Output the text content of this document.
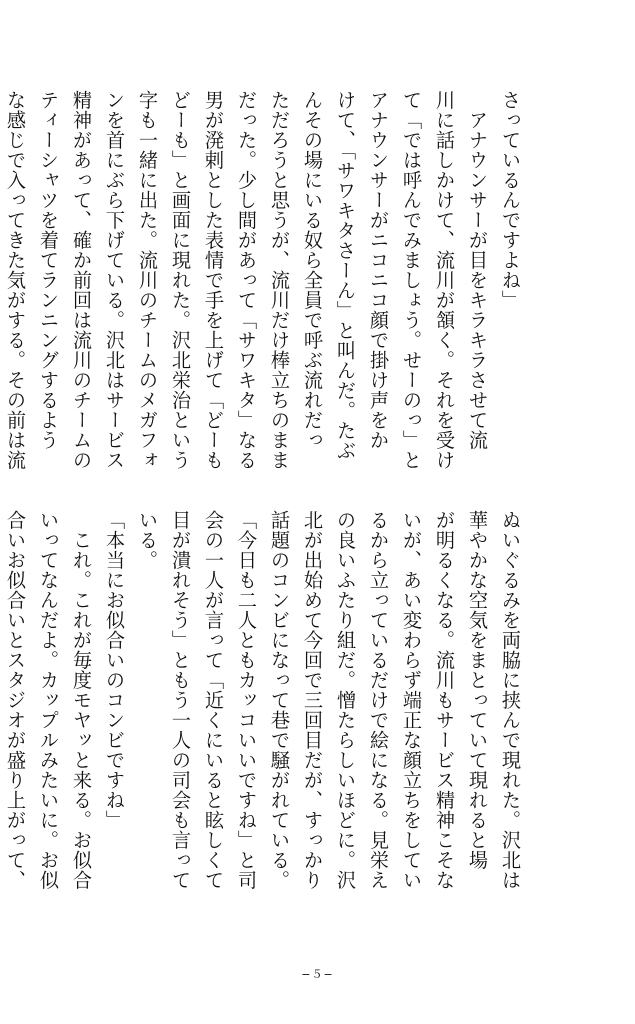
さっているんですよね」
　アナウンサーが目をキラキラさせて流
川に話しかけて、流川が頷く。それを受け
て「では呼んでみましょう。せーのっ」と
アナウンサーがニコニコ顔で掛け声をか
けて、「サワキタさーん」と叫んだ。たぶ
んその場にいる奴ら全員で呼ぶ流れだっ
ただろうと思うが、流川だけ棒立ちのまま
だった。少し間があって「サワキタ」なる
男が溌剌とした表情で手を上げて「どーも
どーも」と画面に現れた。沢北栄治という
字も一緒に出た。流川のチームのメガフォ
ンを首にぶら下げている。沢北はサービス
精神があって、確か前回は流川のチームの
ティーシャツを着てランニングするよう
な感じで入ってきた気がする。その前は流
ぬいぐるみを両脇に挟んで現れた。沢北は
華やかな空気をまとっていて現れると場
が明るくなる。流川もサービス精神こそな
いが、あい変わらず端正な顔立ちをしてい
るから立っているだけで絵になる。見栄え
の良いふたり組だ。憎たらしいほどに。沢
北が出始めて今回で三回目だが、すっかり
話題のコンビになって巷で騒がれている。
「今日も二人ともカッコいいですね」と司
会の一人が言って「近くにいると眩しくて
目が潰れそう」ともう一人の司会も言って
いる。
「本当にお似合いのコンビですね」
　これ。これが毎度モヤッと来る。お似合
いってなんだよ。カップルみたいに。お似
合いお似合いとスタジオが盛り上がって、
−５−
